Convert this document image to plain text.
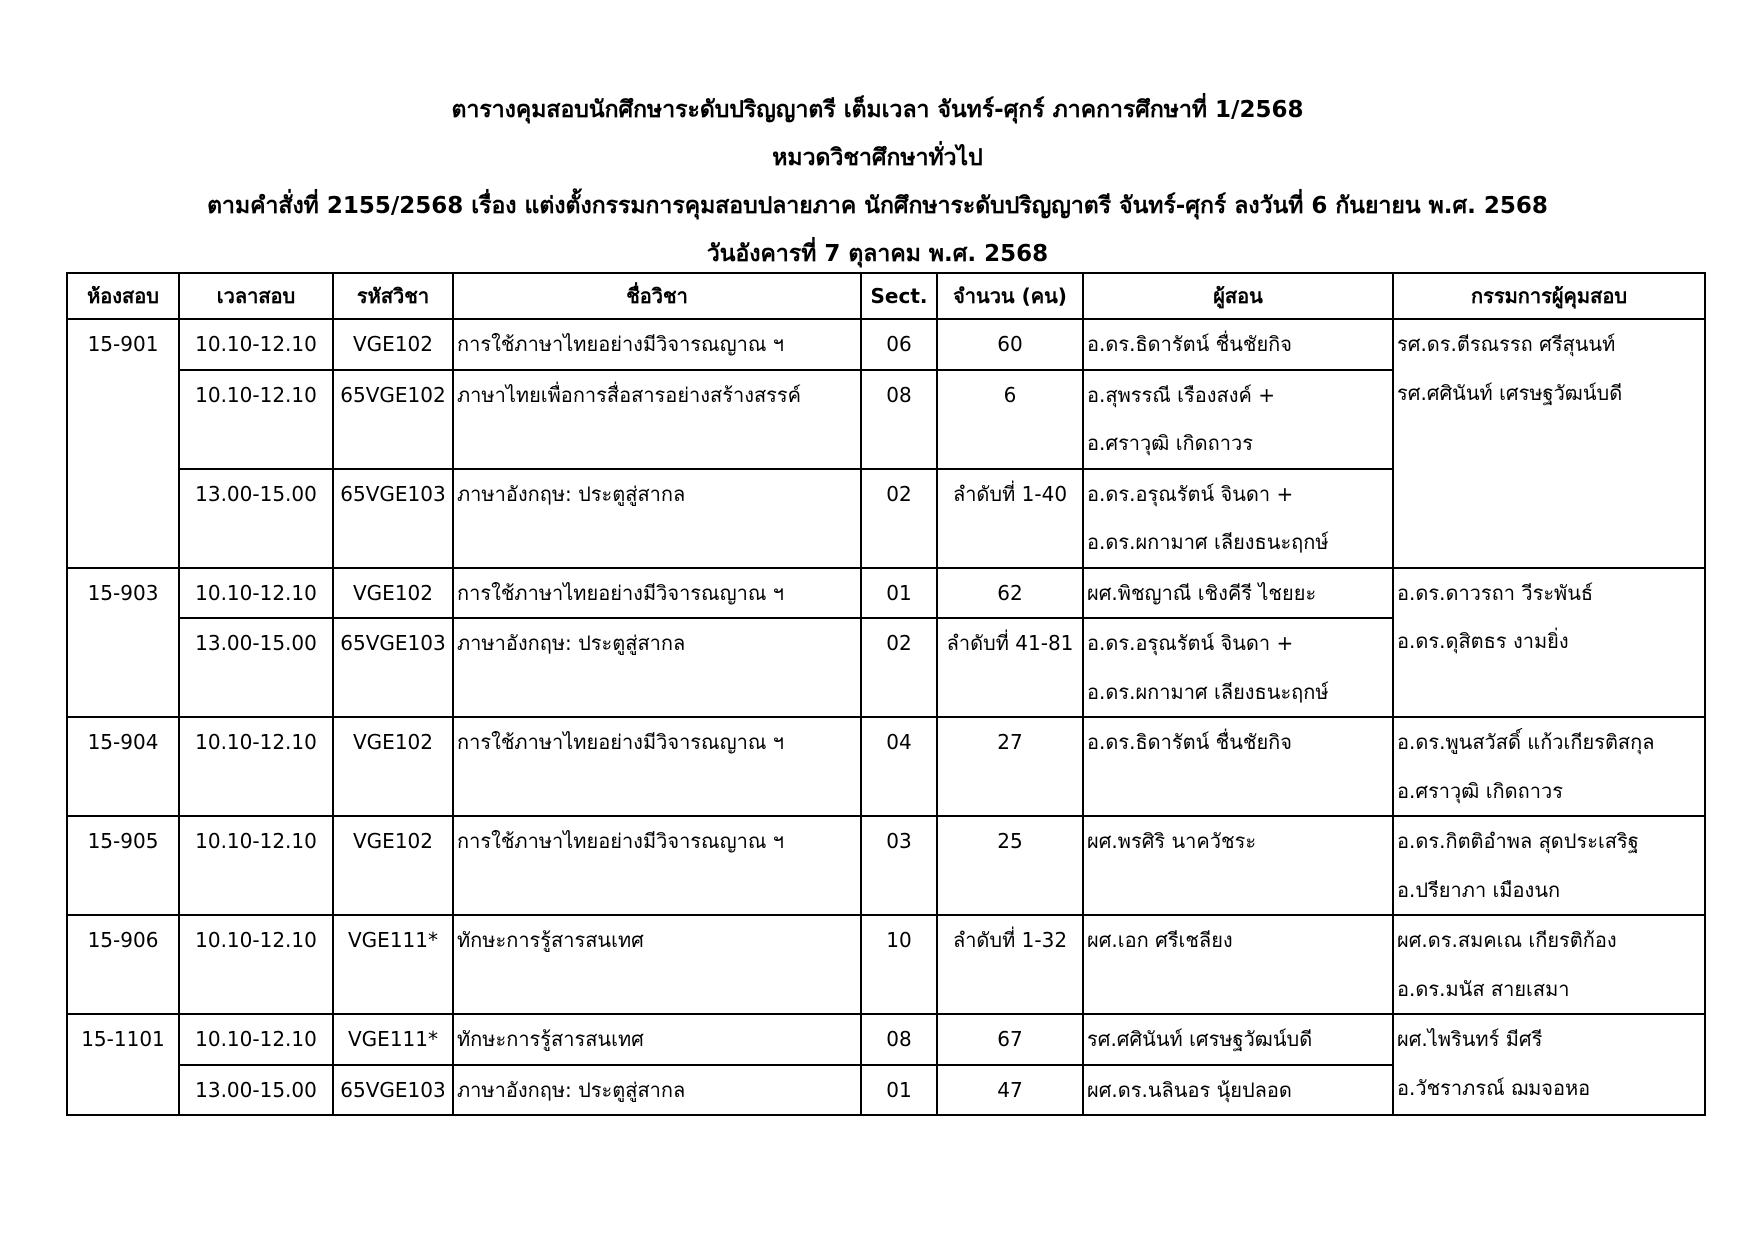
ตารางคุมสอบนักศึกษาระดับปริญญาตรี เต็มเวลา จันทร์-ศุกร์ ภาคการศึกษาที่ 1/2568
หมวดวิชาศึกษาทั่วไป
ตามคำสั่งที่ 2155/2568 เรื่อง แต่งตั้งกรรมการคุมสอบปลายภาค นักศึกษาระดับปริญญาตรี จันทร์-ศุกร์ ลงวันที่ 6 กันยายน พ.ศ. 2568
วันอังคารที่ 7 ตุลาคม พ.ศ. 2568
ห้องสอบ	เวลาสอบ	รหัสวิชา	ชื่อวิชา	Sect.	จำนวน (คน)	ผู้สอน	กรรมการผู้คุมสอบ

15-901	10.10-12.10	VGE102	การใช้ภาษาไทยอย่างมีวิจารณญาณ ฯ	06	60	อ.ดร.ธิดารัตน์ ชื่นชัยกิจ	รศ.ดร.ตีรณรรถ ศรีสุนนท์
รศ.ศศินันท์ เศรษฐวัฒน์บดี

	10.10-12.10	65VGE102	ภาษาไทยเพื่อการสื่อสารอย่างสร้างสรรค์	08	6	อ.สุพรรณี เรืองสงค์ +
อ.ศราวุฒิ เกิดถาวร	

	13.00-15.00	65VGE103	ภาษาอังกฤษ: ประตูสู่สากล	02	ลำดับที่ 1-40	อ.ดร.อรุณรัตน์ จินดา +
อ.ดร.ผกามาศ เลียงธนะฤกษ์	

15-903	10.10-12.10	VGE102	การใช้ภาษาไทยอย่างมีวิจารณญาณ ฯ	01	62	ผศ.พิชญาณี เชิงคีรี ไชยยะ	อ.ดร.ดาวรถา วีระพันธ์
อ.ดร.ดุสิตธร งามยิ่ง

	13.00-15.00	65VGE103	ภาษาอังกฤษ: ประตูสู่สากล	02	ลำดับที่ 41-81	อ.ดร.อรุณรัตน์ จินดา +
อ.ดร.ผกามาศ เลียงธนะฤกษ์	

15-904	10.10-12.10	VGE102	การใช้ภาษาไทยอย่างมีวิจารณญาณ ฯ	04	27	อ.ดร.ธิดารัตน์ ชื่นชัยกิจ	อ.ดร.พูนสวัสดิ์ แก้วเกียรติสกุล
อ.ศราวุฒิ เกิดถาวร

15-905	10.10-12.10	VGE102	การใช้ภาษาไทยอย่างมีวิจารณญาณ ฯ	03	25	ผศ.พรศิริ นาควัชระ	อ.ดร.กิตติอำพล สุดประเสริฐ
อ.ปรียาภา เมืองนก

15-906	10.10-12.10	VGE111*	ทักษะการรู้สารสนเทศ	10	ลำดับที่ 1-32	ผศ.เอก ศรีเชลียง	ผศ.ดร.สมคเณ เกียรติก้อง
อ.ดร.มนัส สายเสมา

15-1101	10.10-12.10	VGE111*	ทักษะการรู้สารสนเทศ	08	67	รศ.ศศินันท์ เศรษฐวัฒน์บดี	ผศ.ไพรินทร์ มีศรี
อ.วัชราภรณ์ ฌมจอหอ

	13.00-15.00	65VGE103	ภาษาอังกฤษ: ประตูสู่สากล	01	47	ผศ.ดร.นลินอร นุ้ยปลอด	
